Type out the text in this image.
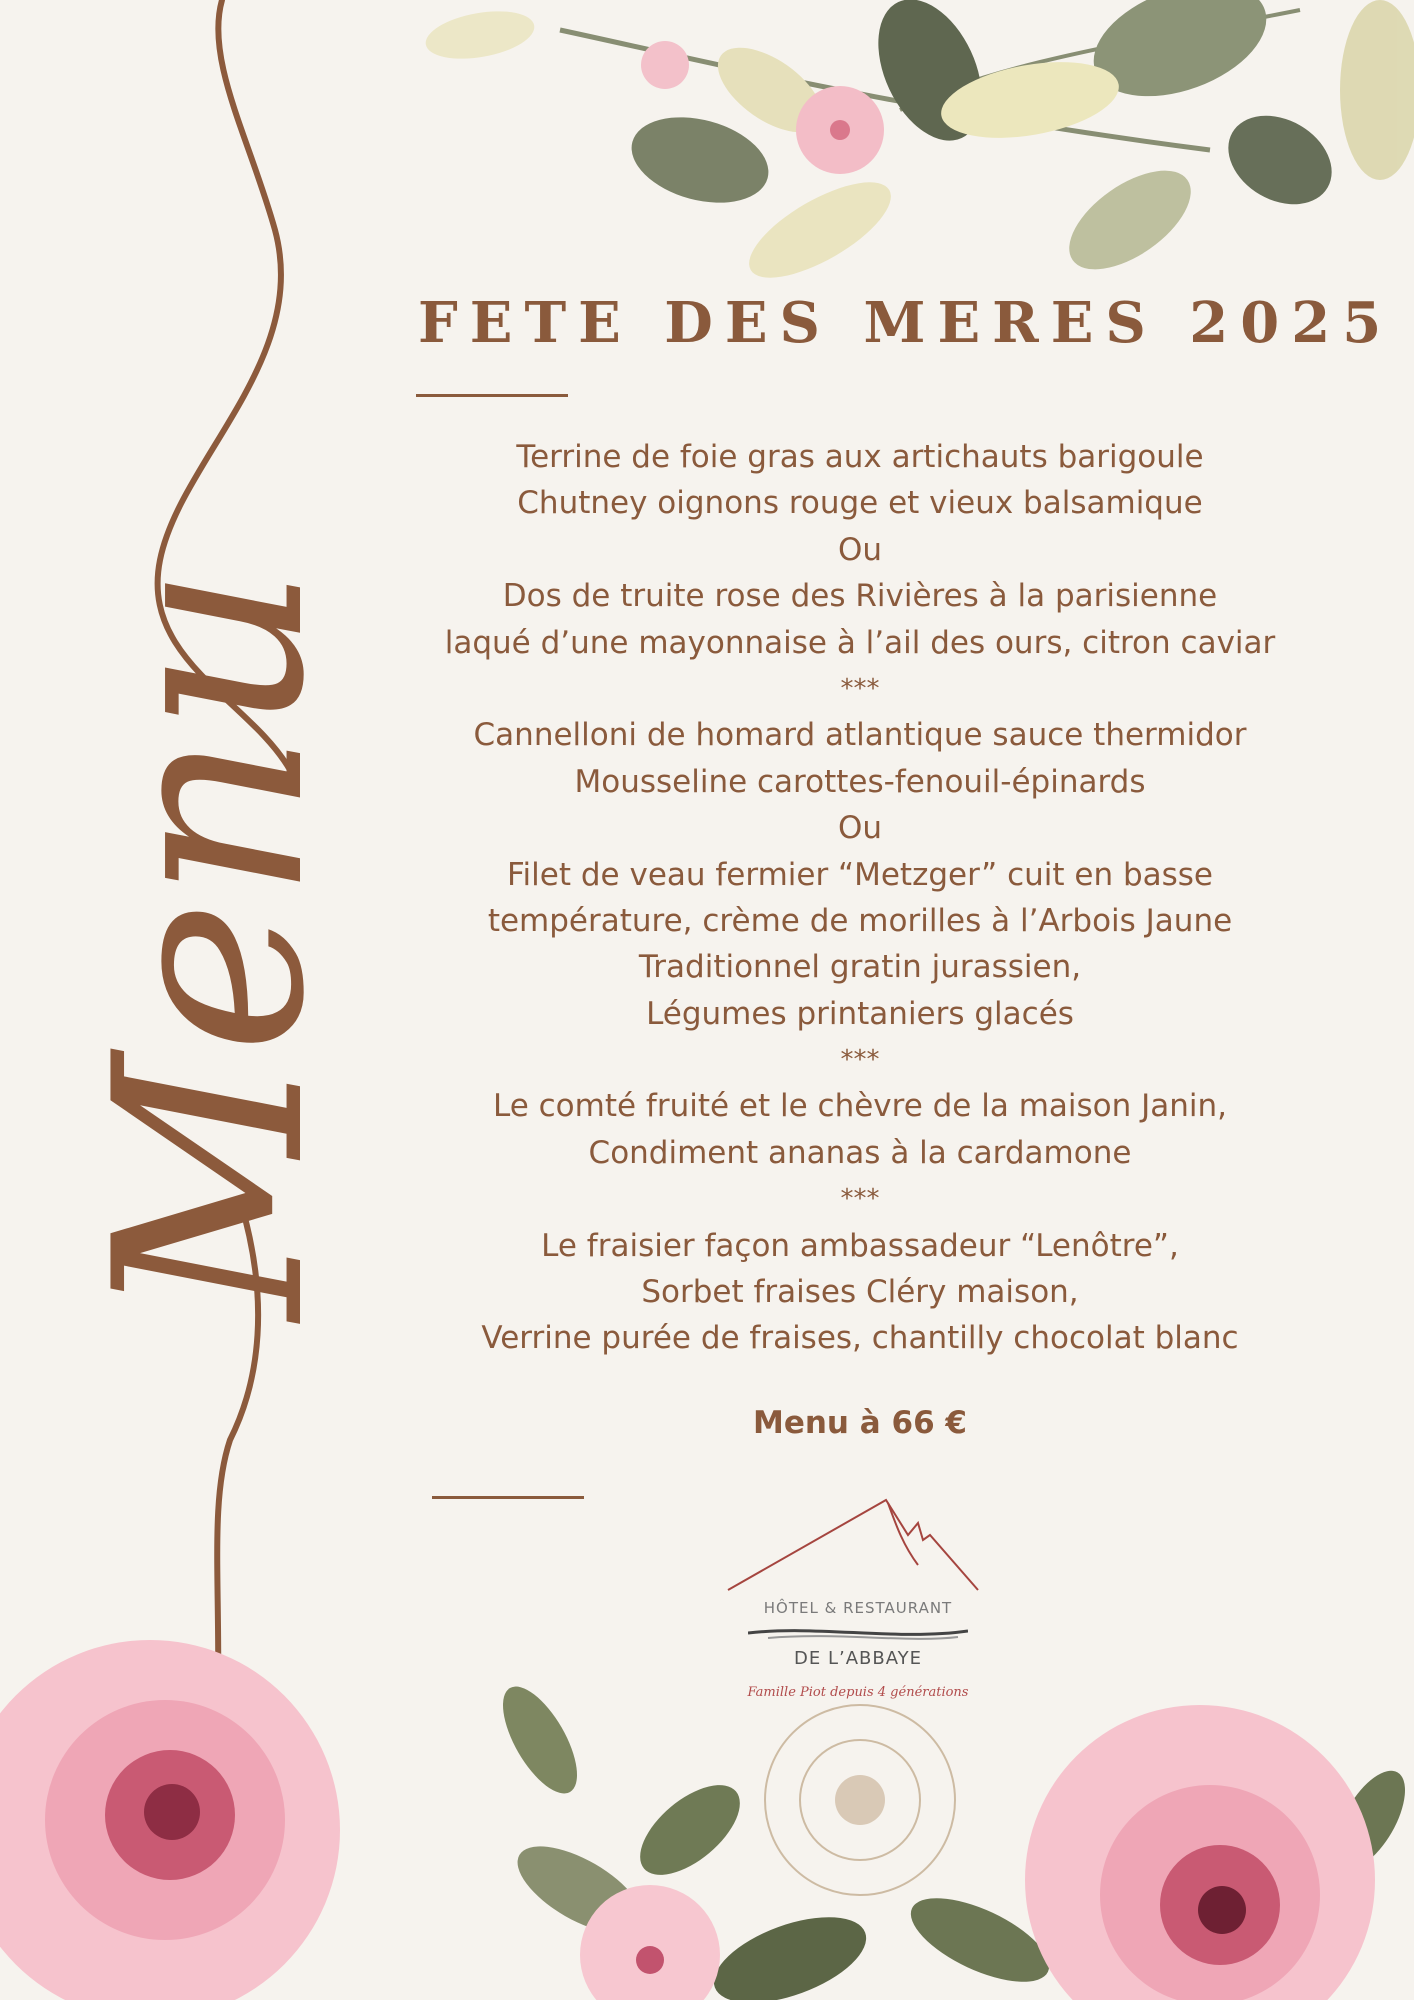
Menu
FETE DES MERES 2025
Terrine de foie gras aux artichauts barigoule
Chutney oignons rouge et vieux balsamique
Ou
Dos de truite rose des Rivières à la parisienne
laqué d’une mayonnaise à l’ail des ours, citron caviar
***
Cannelloni de homard atlantique sauce thermidor
Mousseline carottes-fenouil-épinards
Ou
Filet de veau fermier “Metzger” cuit en basse
température, crème de morilles à l’Arbois Jaune
Traditionnel gratin jurassien,
Légumes printaniers glacés
***
Le comté fruité et le chèvre de la maison Janin,
Condiment ananas à la cardamone
***
Le fraisier façon ambassadeur “Lenôtre”,
Sorbet fraises Cléry maison,
Verrine purée de fraises, chantilly chocolat blanc
Menu à 66 €
HÔTEL & RESTAURANT
DE L’ABBAYE
Famille Piot depuis 4 générations
